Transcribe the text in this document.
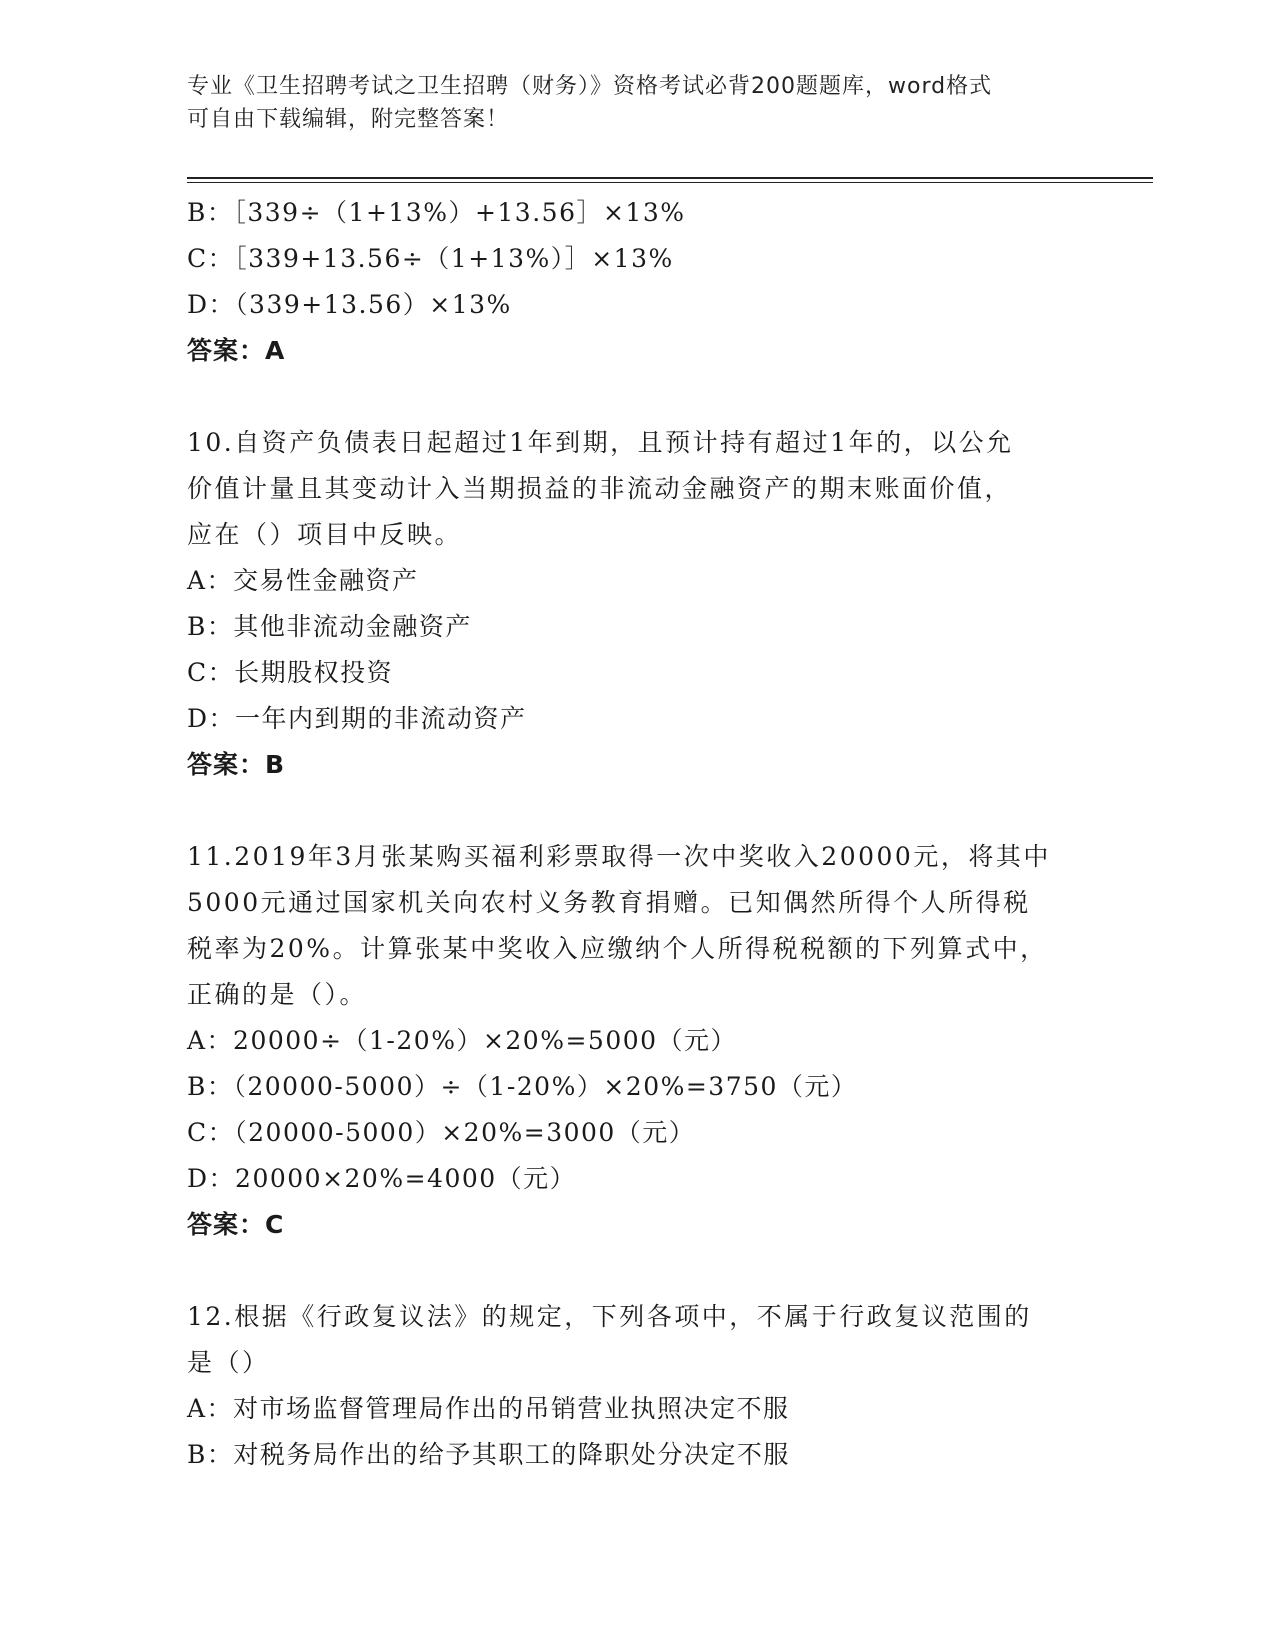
专业《卫生招聘考试之卫生招聘（财务）》资格考试必背200题题库，word格式
可自由下载编辑，附完整答案！
B：［339÷（1+13%）+13.56］×13%
C：［339+13.56÷（1+13%）］×13%
D：（339+13.56）×13%
答案：A
10.自资产负债表日起超过1年到期，且预计持有超过1年的，以公允
价值计量且其变动计入当期损益的非流动金融资产的期末账面价值，
应在（）项目中反映。
A：交易性金融资产
B：其他非流动金融资产
C：长期股权投资
D：一年内到期的非流动资产
答案：B
11.2019年3月张某购买福利彩票取得一次中奖收入20000元，将其中
5000元通过国家机关向农村义务教育捐赠。已知偶然所得个人所得税
税率为20%。计算张某中奖收入应缴纳个人所得税税额的下列算式中，
正确的是（）。
A：20000÷（1-20%）×20%=5000（元）
B：（20000-5000）÷（1-20%）×20%=3750（元）
C：（20000-5000）×20%=3000（元）
D：20000×20%=4000（元）
答案：C
12.根据《行政复议法》的规定，下列各项中，不属于行政复议范围的
是（）
A：对市场监督管理局作出的吊销营业执照决定不服
B：对税务局作出的给予其职工的降职处分决定不服
